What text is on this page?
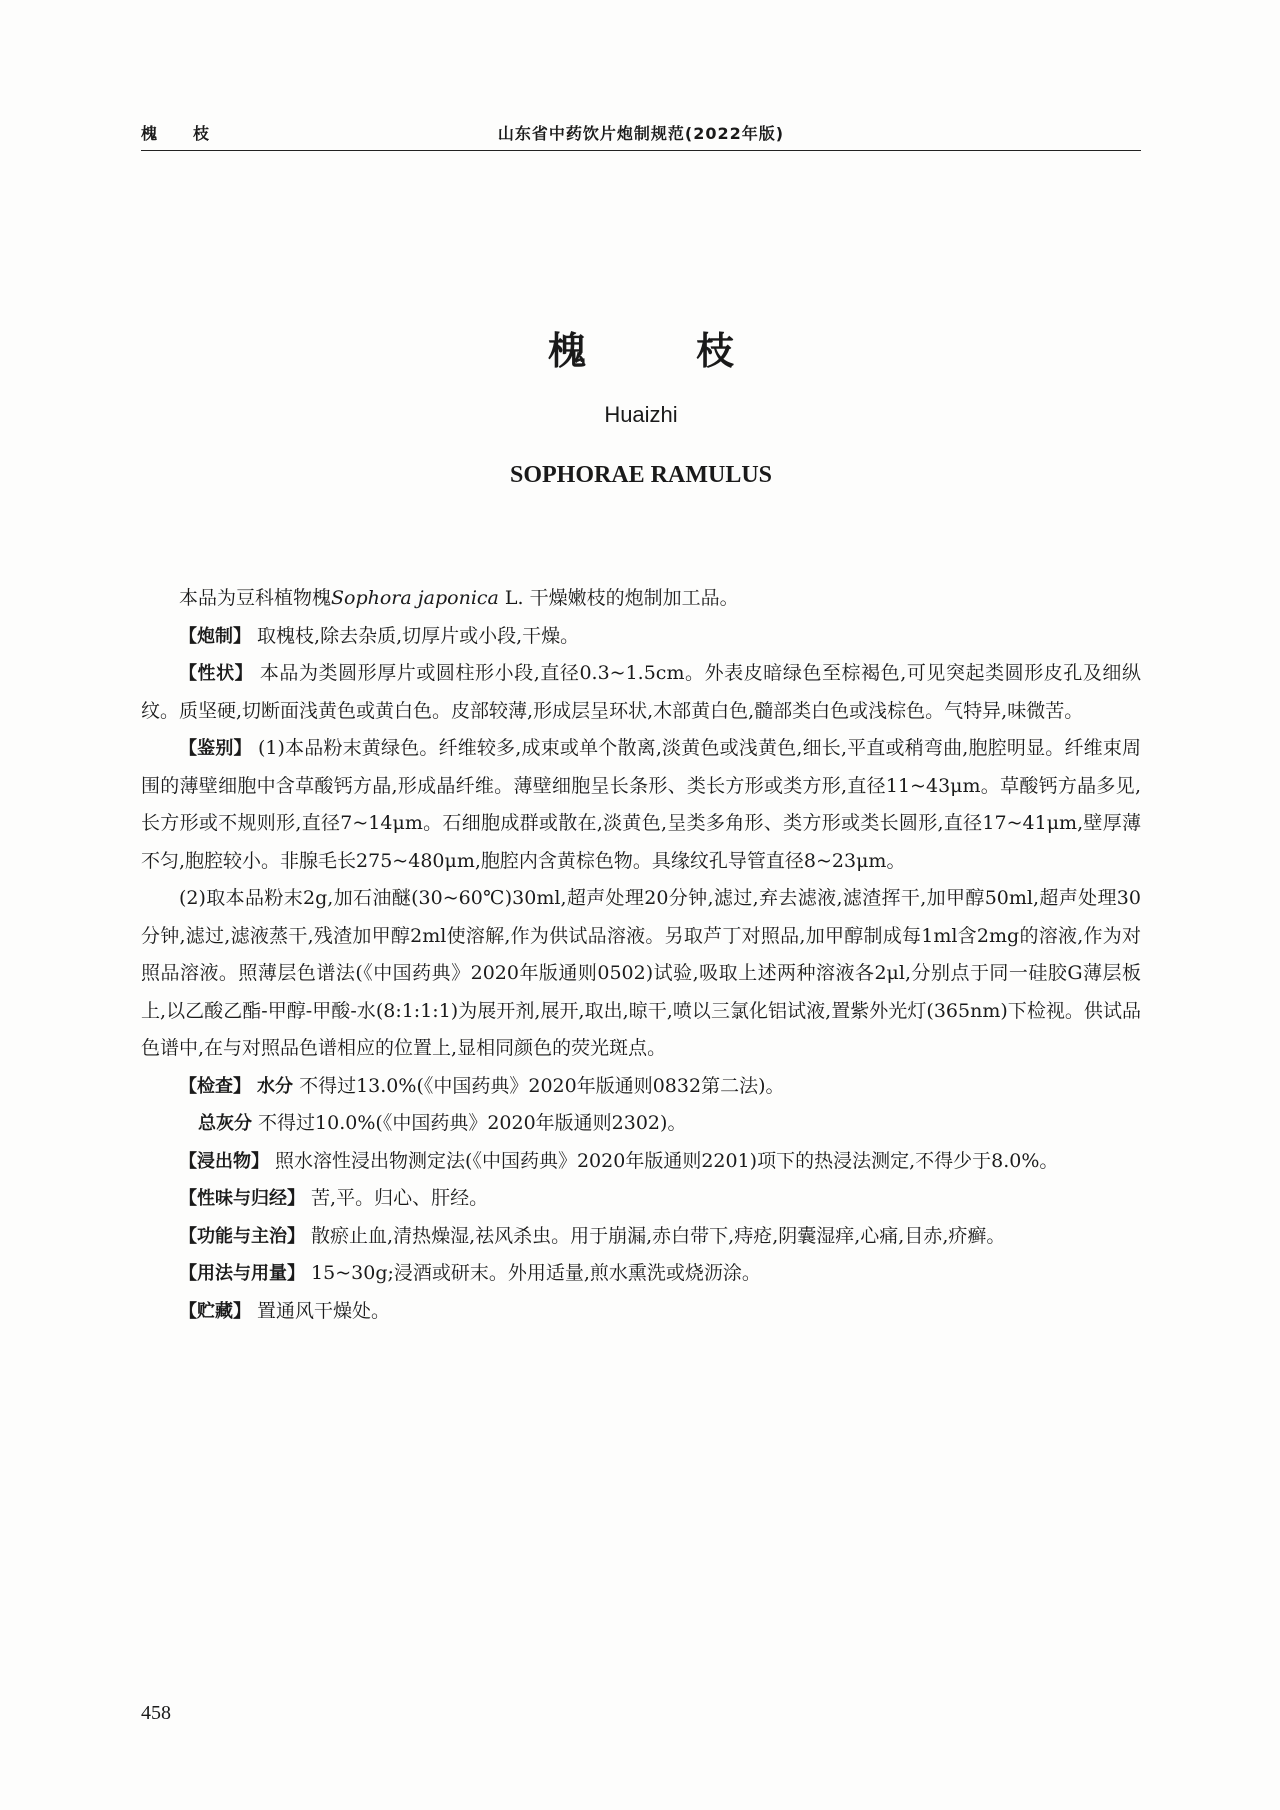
槐　枝	山东省中药饮片炮制规范(2022年版)
槐　枝
Huaizhi
SOPHORAE RAMULUS

本品为豆科植物槐Sophora japonica L. 干燥嫩枝的炮制加工品。

【炮制】 取槐枝,除去杂质,切厚片或小段,干燥。

【性状】 本品为类圆形厚片或圆柱形小段,直径0.3~1.5cm。外表皮暗绿色至棕褐色,可见突起类圆形皮孔及细纵纹。质坚硬,切断面浅黄色或黄白色。皮部较薄,形成层呈环状,木部黄白色,髓部类白色或浅棕色。气特异,味微苦。

【鉴别】 (1)本品粉末黄绿色。纤维较多,成束或单个散离,淡黄色或浅黄色,细长,平直或稍弯曲,胞腔明显。纤维束周围的薄壁细胞中含草酸钙方晶,形成晶纤维。薄壁细胞呈长条形、类长方形或类方形,直径11~43μm。草酸钙方晶多见,长方形或不规则形,直径7~14μm。石细胞成群或散在,淡黄色,呈类多角形、类方形或类长圆形,直径17~41μm,壁厚薄不匀,胞腔较小。非腺毛长275~480μm,胞腔内含黄棕色物。具缘纹孔导管直径8~23μm。

(2)取本品粉末2g,加石油醚(30~60℃)30ml,超声处理20分钟,滤过,弃去滤液,滤渣挥干,加甲醇50ml,超声处理30分钟,滤过,滤液蒸干,残渣加甲醇2ml使溶解,作为供试品溶液。另取芦丁对照品,加甲醇制成每1ml含2mg的溶液,作为对照品溶液。照薄层色谱法(《中国药典》2020年版通则0502)试验,吸取上述两种溶液各2μl,分别点于同一硅胶G薄层板上,以乙酸乙酯-甲醇-甲酸-水(8:1:1:1)为展开剂,展开,取出,晾干,喷以三氯化铝试液,置紫外光灯(365nm)下检视。供试品色谱中,在与对照品色谱相应的位置上,显相同颜色的荧光斑点。

【检查】 水分 不得过13.0%(《中国药典》2020年版通则0832第二法)。

总灰分 不得过10.0%(《中国药典》2020年版通则2302)。

【浸出物】 照水溶性浸出物测定法(《中国药典》2020年版通则2201)项下的热浸法测定,不得少于8.0%。

【性味与归经】 苦,平。归心、肝经。

【功能与主治】 散瘀止血,清热燥湿,祛风杀虫。用于崩漏,赤白带下,痔疮,阴囊湿痒,心痛,目赤,疥癣。

【用法与用量】 15~30g;浸酒或研末。外用适量,煎水熏洗或烧沥涂。

【贮藏】 置通风干燥处。

458
